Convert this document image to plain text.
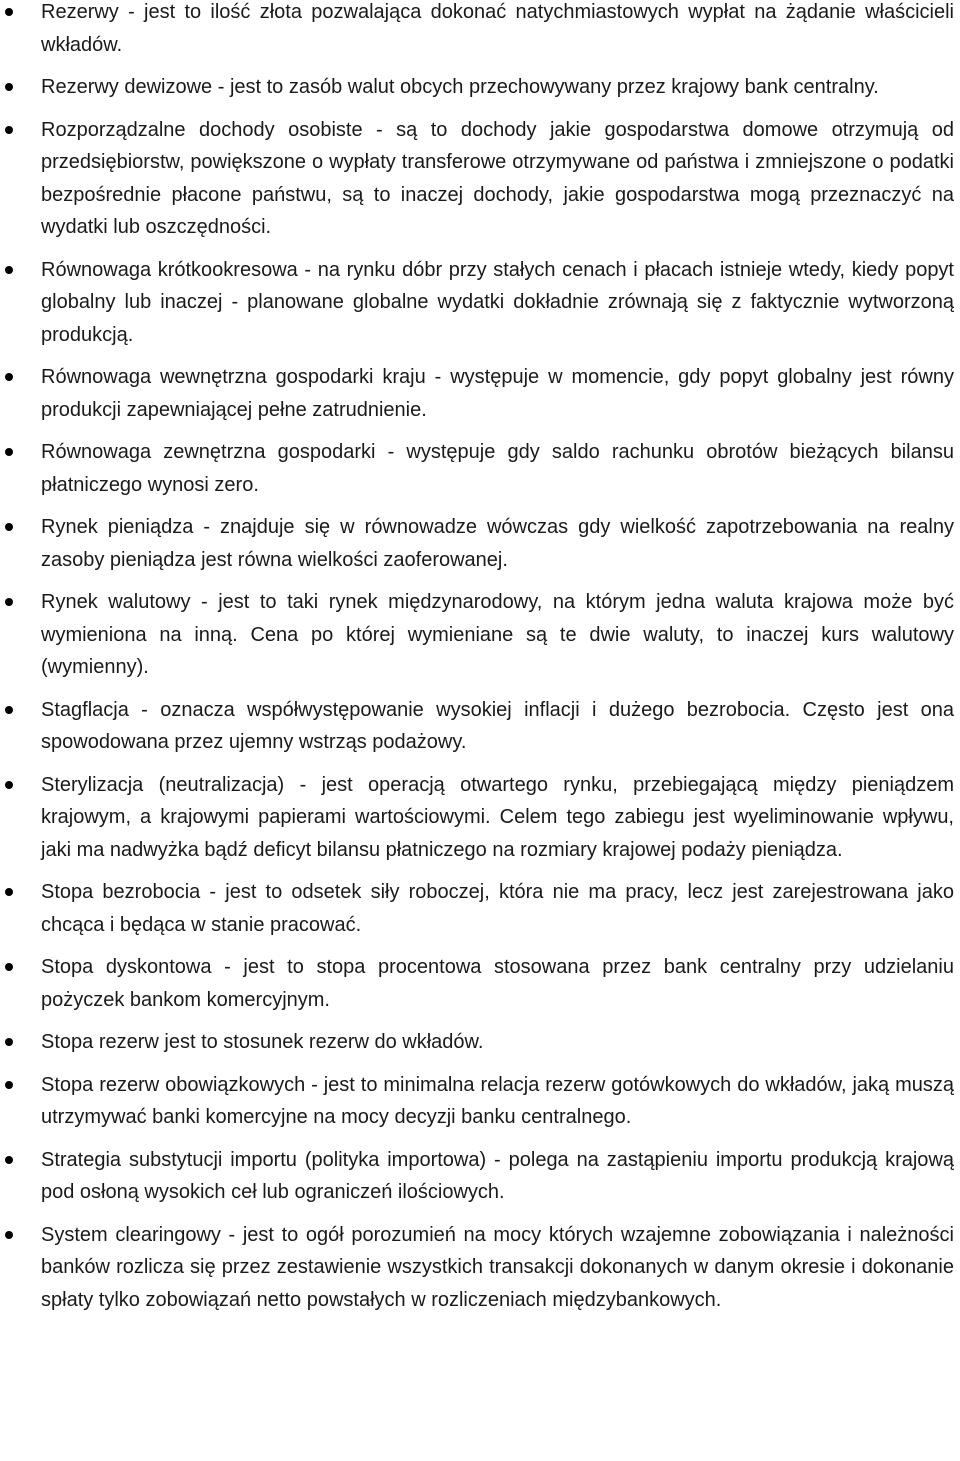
Rezerwy - jest to ilość złota pozwalająca dokonać natychmiastowych wypłat na żądanie właścicieli wkładów.
Rezerwy dewizowe - jest to zasób walut obcych przechowywany przez krajowy bank centralny.
Rozporządzalne dochody osobiste - są to dochody jakie gospodarstwa domowe otrzymują od przedsiębiorstw, powiększone o wypłaty transferowe otrzymywane od państwa i zmniejszone o podatki bezpośrednie płacone państwu, są to inaczej dochody, jakie gospodarstwa mogą przeznaczyć na wydatki lub oszczędności.
Równowaga krótkookresowa - na rynku dóbr przy stałych cenach i płacach istnieje wtedy, kiedy popyt globalny lub inaczej - planowane globalne wydatki dokładnie zrównają się z faktycznie wytworzoną produkcją.
Równowaga wewnętrzna gospodarki kraju - występuje w momencie, gdy popyt globalny jest równy produkcji zapewniającej pełne zatrudnienie.
Równowaga zewnętrzna gospodarki - występuje gdy saldo rachunku obrotów bieżących bilansu płatniczego wynosi zero.
Rynek pieniądza - znajduje się w równowadze wówczas gdy wielkość zapotrzebowania na realny zasoby pieniądza jest równa wielkości zaoferowanej.
Rynek walutowy - jest to taki rynek międzynarodowy, na którym jedna waluta krajowa może być wymieniona na inną. Cena po której wymieniane są te dwie waluty, to inaczej kurs walutowy (wymienny).
Stagflacja - oznacza współwystępowanie wysokiej inflacji i dużego bezrobocia. Często jest ona spowodowana przez ujemny wstrząs podażowy.
Sterylizacja (neutralizacja) - jest operacją otwartego rynku, przebiegającą między pieniądzem krajowym, a krajowymi papierami wartościowymi. Celem tego zabiegu jest wyeliminowanie wpływu, jaki ma nadwyżka bądź deficyt bilansu płatniczego na rozmiary krajowej podaży pieniądza.
Stopa bezrobocia - jest to odsetek siły roboczej, która nie ma pracy, lecz jest zarejestrowana jako chcąca i będąca w stanie pracować.
Stopa dyskontowa - jest to stopa procentowa stosowana przez bank centralny przy udzielaniu pożyczek bankom komercyjnym.
Stopa rezerw jest to stosunek rezerw do wkładów.
Stopa rezerw obowiązkowych - jest to minimalna relacja rezerw gotówkowych do wkładów, jaką muszą utrzymywać banki komercyjne na mocy decyzji banku centralnego.
Strategia substytucji importu (polityka importowa) - polega na zastąpieniu importu produkcją krajową pod osłoną wysokich ceł lub ograniczeń ilościowych.
System clearingowy - jest to ogół porozumień na mocy których wzajemne zobowiązania i należności banków rozlicza się przez zestawienie wszystkich transakcji dokonanych w danym okresie i dokonanie spłaty tylko zobowiązań netto powstałych w rozliczeniach międzybankowych.
